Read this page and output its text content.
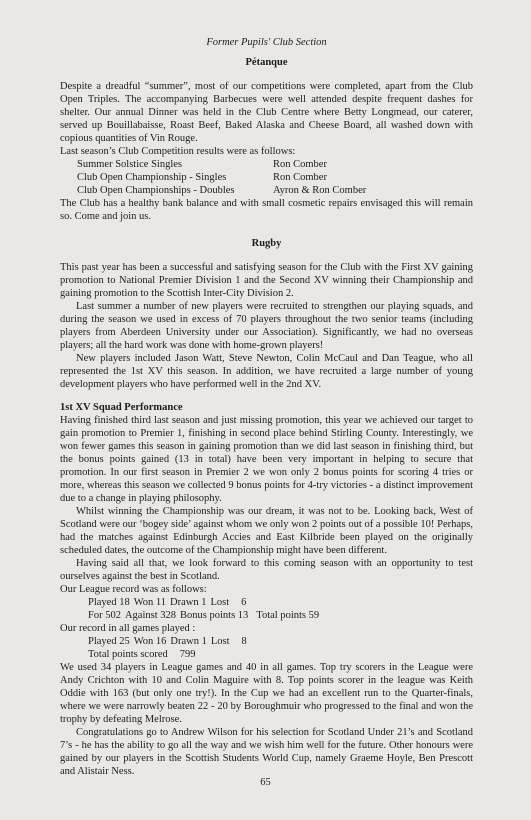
Former Pupils' Club Section
Pétanque

Despite a dreadful “summer”, most of our competitions were completed, apart from the Club Open Triples. The accompanying Barbecues were well attended despite frequent dashes for shelter. Our annual Dinner was held in the Club Centre where Betty Longmead, our caterer, served up Bouillabaisse, Roast Beef, Baked Alaska and Cheese Board, all washed down with copious quantities of Vin Rouge.

Last season’s Club Competition results were as follows:

Summer Solstice Singles	Ron Comber
Club Open Championship - Singles	Ron Comber
Club Open Championships - Doubles	Ayron & Ron Comber

The Club has a healthy bank balance and with small cosmetic repairs envisaged this will remain so. Come and join us.

Rugby

This past year has been a successful and satisfying season for the Club with the First XV gaining promotion to National Premier Division 1 and the Second XV winning their Championship and gaining promotion to the Scottish Inter-City Division 2.

Last summer a number of new players were recruited to strengthen our playing squads, and during the season we used in excess of 70 players throughout the two senior teams (including players from Aberdeen University under our Association). Significantly, we had no overseas players; all the hard work was done with home-grown players!

New players included Jason Watt, Steve Newton, Colin McCaul and Dan Teague, who all represented the 1st XV this season. In addition, we have recruited a large number of young development players who have performed well in the 2nd XV.

1st XV Squad Performance

Having finished third last season and just missing promotion, this year we achieved our target to gain promotion to Premier 1, finishing in second place behind Stirling County. Interestingly, we won fewer games this season in gaining promotion than we did last season in finishing third, but the bonus points gained (13 in total) have been very important in helping to secure that promotion. In our first season in Premier 2 we won only 2 bonus points for scoring 4 tries or more, whereas this season we collected 9 bonus points for 4-try victories - a distinct improvement due to a change in playing philosophy.

Whilst winning the Championship was our dream, it was not to be. Looking back, West of Scotland were our ‘bogey side’ against whom we only won 2 points out of a possible 10! Perhaps, had the matches against Edinburgh Accies and East Kilbride been played on the originally scheduled dates, the outcome of the Championship might have been different.

Having said all that, we look forward to this coming season with an opportunity to test ourselves against the best in Scotland.

Our League record was as follows:

Played 18 Won 11 Drawn 1 Lost 6
For 502 Against 328 Bonus points 13 Total points 59

Our record in all games played :

Played 25 Won 16 Drawn 1 Lost 8
Total points scored 799

We used 34 players in League games and 40 in all games. Top try scorers in the League were Andy Crichton with 10 and Colin Maguire with 8. Top points scorer in the league was Keith Oddie with 163 (but only one try!). In the Cup we had an excellent run to the Quarter-finals, where we were narrowly beaten 22 - 20 by Boroughmuir who progressed to the final and won the trophy by defeating Melrose.

Congratulations go to Andrew Wilson for his selection for Scotland Under 21’s and Scotland 7’s - he has the ability to go all the way and we wish him well for the future. Other honours were gained by our players in the Scottish Students World Cup, namely Graeme Hoyle, Ben Prescott and Alistair Ness.

65
